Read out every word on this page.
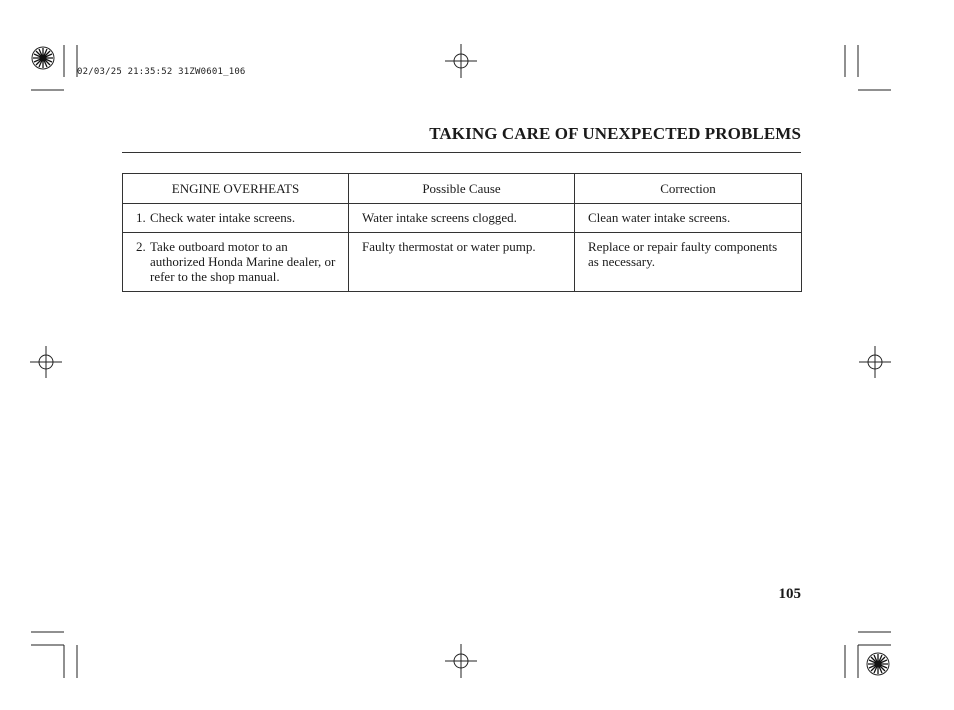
02/03/25 21:35:52 31ZW0601_106
TAKING CARE OF UNEXPECTED PROBLEMS
ENGINE OVERHEATS	Possible Cause	Correction

1. Check water intake screens.	Water intake screens clogged.	Clean water intake screens.

2. Take outboard motor to an authorized Honda Marine dealer, or refer to the shop manual.	Faulty thermostat or water pump.	Replace or repair faulty components as necessary.
105
